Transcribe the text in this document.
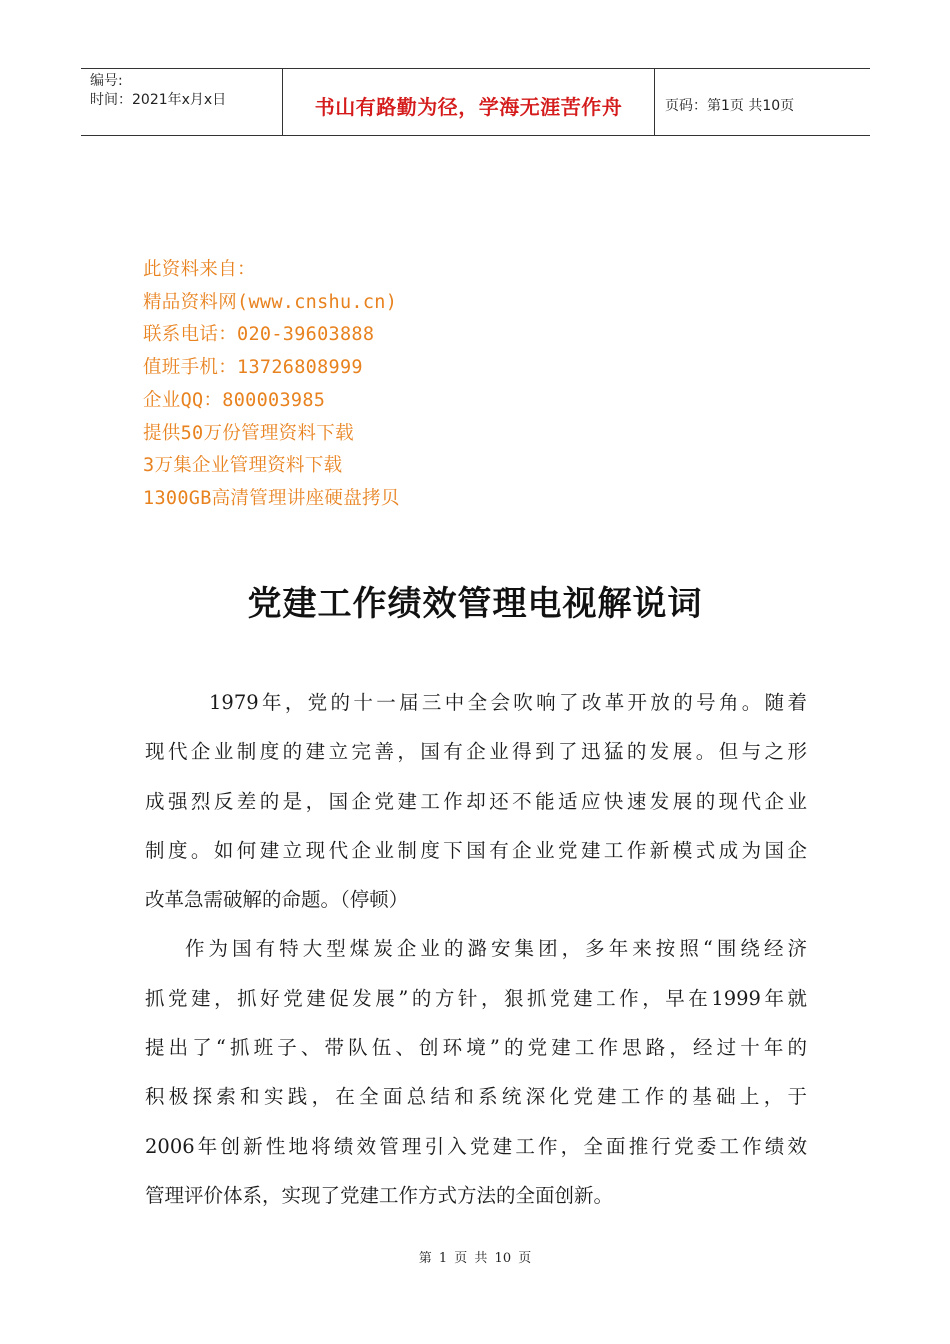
编号:
时间：2021年x月x日	书山有路勤为径，学海无涯苦作舟	页码：第1页 共10页
此资料来自：
精品资料网(www.cnshu.cn)
联系电话：020-39603888
值班手机：13726808999
企业QQ：800003985
提供50万份管理资料下载
3万集企业管理资料下载
1300GB高清管理讲座硬盘拷贝
党建工作绩效管理电视解说词
1979年，党的十一届三中全会吹响了改革开放的号角。随着
现代企业制度的建立完善，国有企业得到了迅猛的发展。但与之形
成强烈反差的是，国企党建工作却还不能适应快速发展的现代企业
制度。如何建立现代企业制度下国有企业党建工作新模式成为国企
改革急需破解的命题。（停顿）
作为国有特大型煤炭企业的潞安集团，多年来按照“围绕经济
抓党建，抓好党建促发展”的方针，狠抓党建工作，早在1999年就
提出了“抓班子、带队伍、创环境”的党建工作思路，经过十年的
积极探索和实践，在全面总结和系统深化党建工作的基础上，于
2006年创新性地将绩效管理引入党建工作，全面推行党委工作绩效
管理评价体系，实现了党建工作方式方法的全面创新。
第 1 页 共 10 页
